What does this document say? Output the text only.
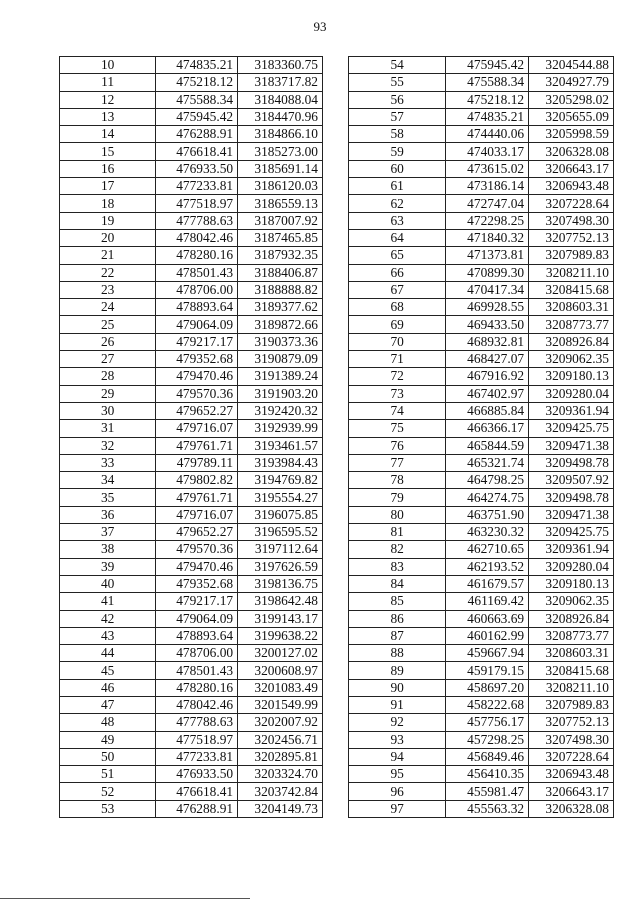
93
10	474835.21	3183360.75
11	475218.12	3183717.82
12	475588.34	3184088.04
13	475945.42	3184470.96
14	476288.91	3184866.10
15	476618.41	3185273.00
16	476933.50	3185691.14
17	477233.81	3186120.03
18	477518.97	3186559.13
19	477788.63	3187007.92
20	478042.46	3187465.85
21	478280.16	3187932.35
22	478501.43	3188406.87
23	478706.00	3188888.82
24	478893.64	3189377.62
25	479064.09	3189872.66
26	479217.17	3190373.36
27	479352.68	3190879.09
28	479470.46	3191389.24
29	479570.36	3191903.20
30	479652.27	3192420.32
31	479716.07	3192939.99
32	479761.71	3193461.57
33	479789.11	3193984.43
34	479802.82	3194769.82
35	479761.71	3195554.27
36	479716.07	3196075.85
37	479652.27	3196595.52
38	479570.36	3197112.64
39	479470.46	3197626.59
40	479352.68	3198136.75
41	479217.17	3198642.48
42	479064.09	3199143.17
43	478893.64	3199638.22
44	478706.00	3200127.02
45	478501.43	3200608.97
46	478280.16	3201083.49
47	478042.46	3201549.99
48	477788.63	3202007.92
49	477518.97	3202456.71
50	477233.81	3202895.81
51	476933.50	3203324.70
52	476618.41	3203742.84
53	476288.91	3204149.73
54	475945.42	3204544.88
55	475588.34	3204927.79
56	475218.12	3205298.02
57	474835.21	3205655.09
58	474440.06	3205998.59
59	474033.17	3206328.08
60	473615.02	3206643.17
61	473186.14	3206943.48
62	472747.04	3207228.64
63	472298.25	3207498.30
64	471840.32	3207752.13
65	471373.81	3207989.83
66	470899.30	3208211.10
67	470417.34	3208415.68
68	469928.55	3208603.31
69	469433.50	3208773.77
70	468932.81	3208926.84
71	468427.07	3209062.35
72	467916.92	3209180.13
73	467402.97	3209280.04
74	466885.84	3209361.94
75	466366.17	3209425.75
76	465844.59	3209471.38
77	465321.74	3209498.78
78	464798.25	3209507.92
79	464274.75	3209498.78
80	463751.90	3209471.38
81	463230.32	3209425.75
82	462710.65	3209361.94
83	462193.52	3209280.04
84	461679.57	3209180.13
85	461169.42	3209062.35
86	460663.69	3208926.84
87	460162.99	3208773.77
88	459667.94	3208603.31
89	459179.15	3208415.68
90	458697.20	3208211.10
91	458222.68	3207989.83
92	457756.17	3207752.13
93	457298.25	3207498.30
94	456849.46	3207228.64
95	456410.35	3206943.48
96	455981.47	3206643.17
97	455563.32	3206328.08
